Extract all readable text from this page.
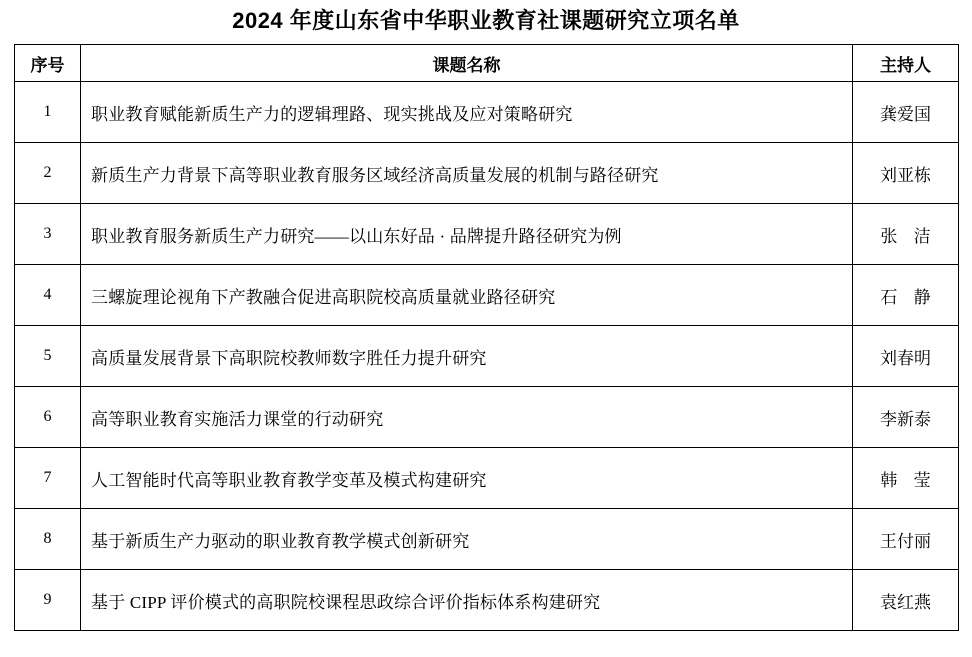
2024 年度山东省中华职业教育社课题研究立项名单
序号	课题名称	主持人
1	职业教育赋能新质生产力的逻辑理路、现实挑战及应对策略研究	龚爱国
2	新质生产力背景下高等职业教育服务区域经济高质量发展的机制与路径研究	刘亚栋
3	职业教育服务新质生产力研究——以山东好品 · 品牌提升路径研究为例	张 洁
4	三螺旋理论视角下产教融合促进高职院校高质量就业路径研究	石 静
5	高质量发展背景下高职院校教师数字胜任力提升研究	刘春明
6	高等职业教育实施活力课堂的行动研究	李新泰
7	人工智能时代高等职业教育教学变革及模式构建研究	韩 莹
8	基于新质生产力驱动的职业教育教学模式创新研究	王付丽
9	基于 CIPP 评价模式的高职院校课程思政综合评价指标体系构建研究	袁红燕
